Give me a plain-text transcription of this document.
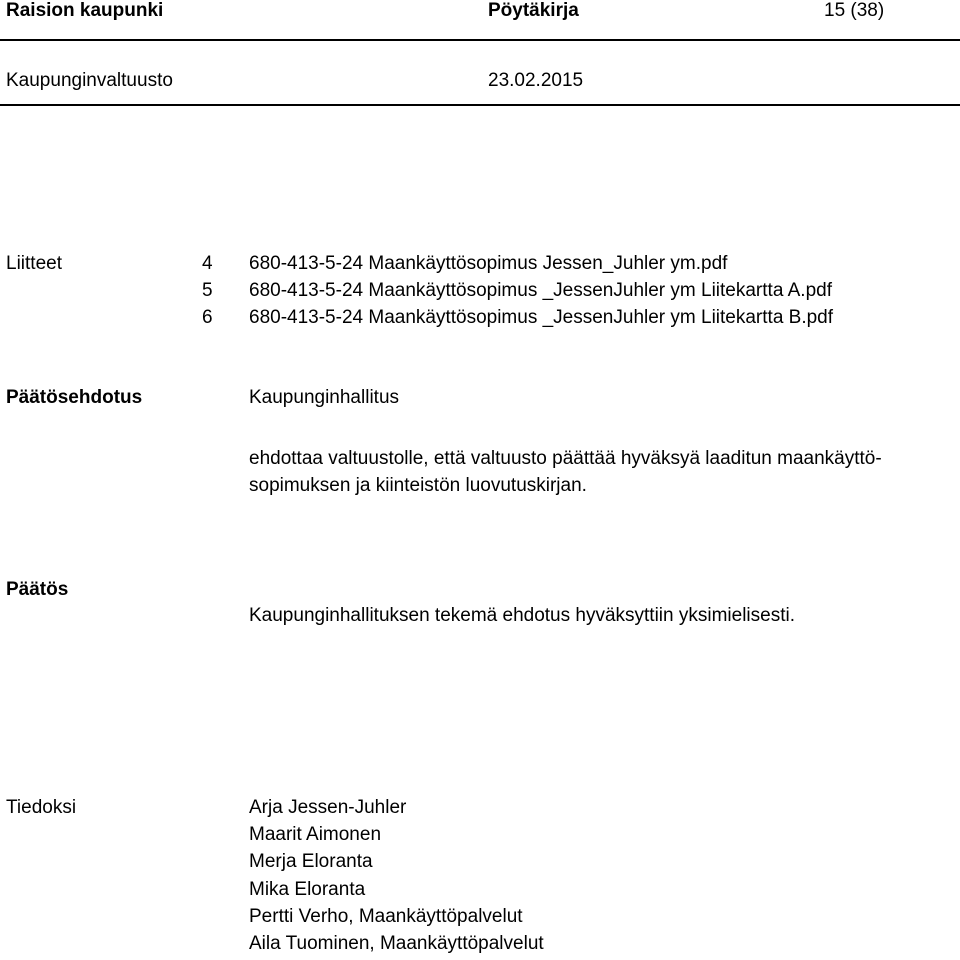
Raision kaupunki	Pöytäkirja	15 (38)
Kaupunginvaltuusto	23.02.2015
Liitteet	4	680-413-5-24 Maankäyttösopimus Jessen_Juhler ym.pdf
5	680-413-5-24 Maankäyttösopimus _JessenJuhler ym Liitekartta A.pdf
6	680-413-5-24 Maankäyttösopimus _JessenJuhler ym Liitekartta B.pdf
Päätösehdotus	Kaupunginhallitus
ehdottaa valtuustolle, että valtuusto päättää hyväksyä laaditun maankäyttö-sopimuksen ja kiinteistön luovutuskirjan.
Päätös
Kaupunginhallituksen tekemä ehdotus hyväksyttiin yksimielisesti.
Tiedoksi	Arja Jessen-Juhler
Maarit Aimonen
Merja Eloranta
Mika Eloranta
Pertti Verho, Maankäyttöpalvelut
Aila Tuominen, Maankäyttöpalvelut
